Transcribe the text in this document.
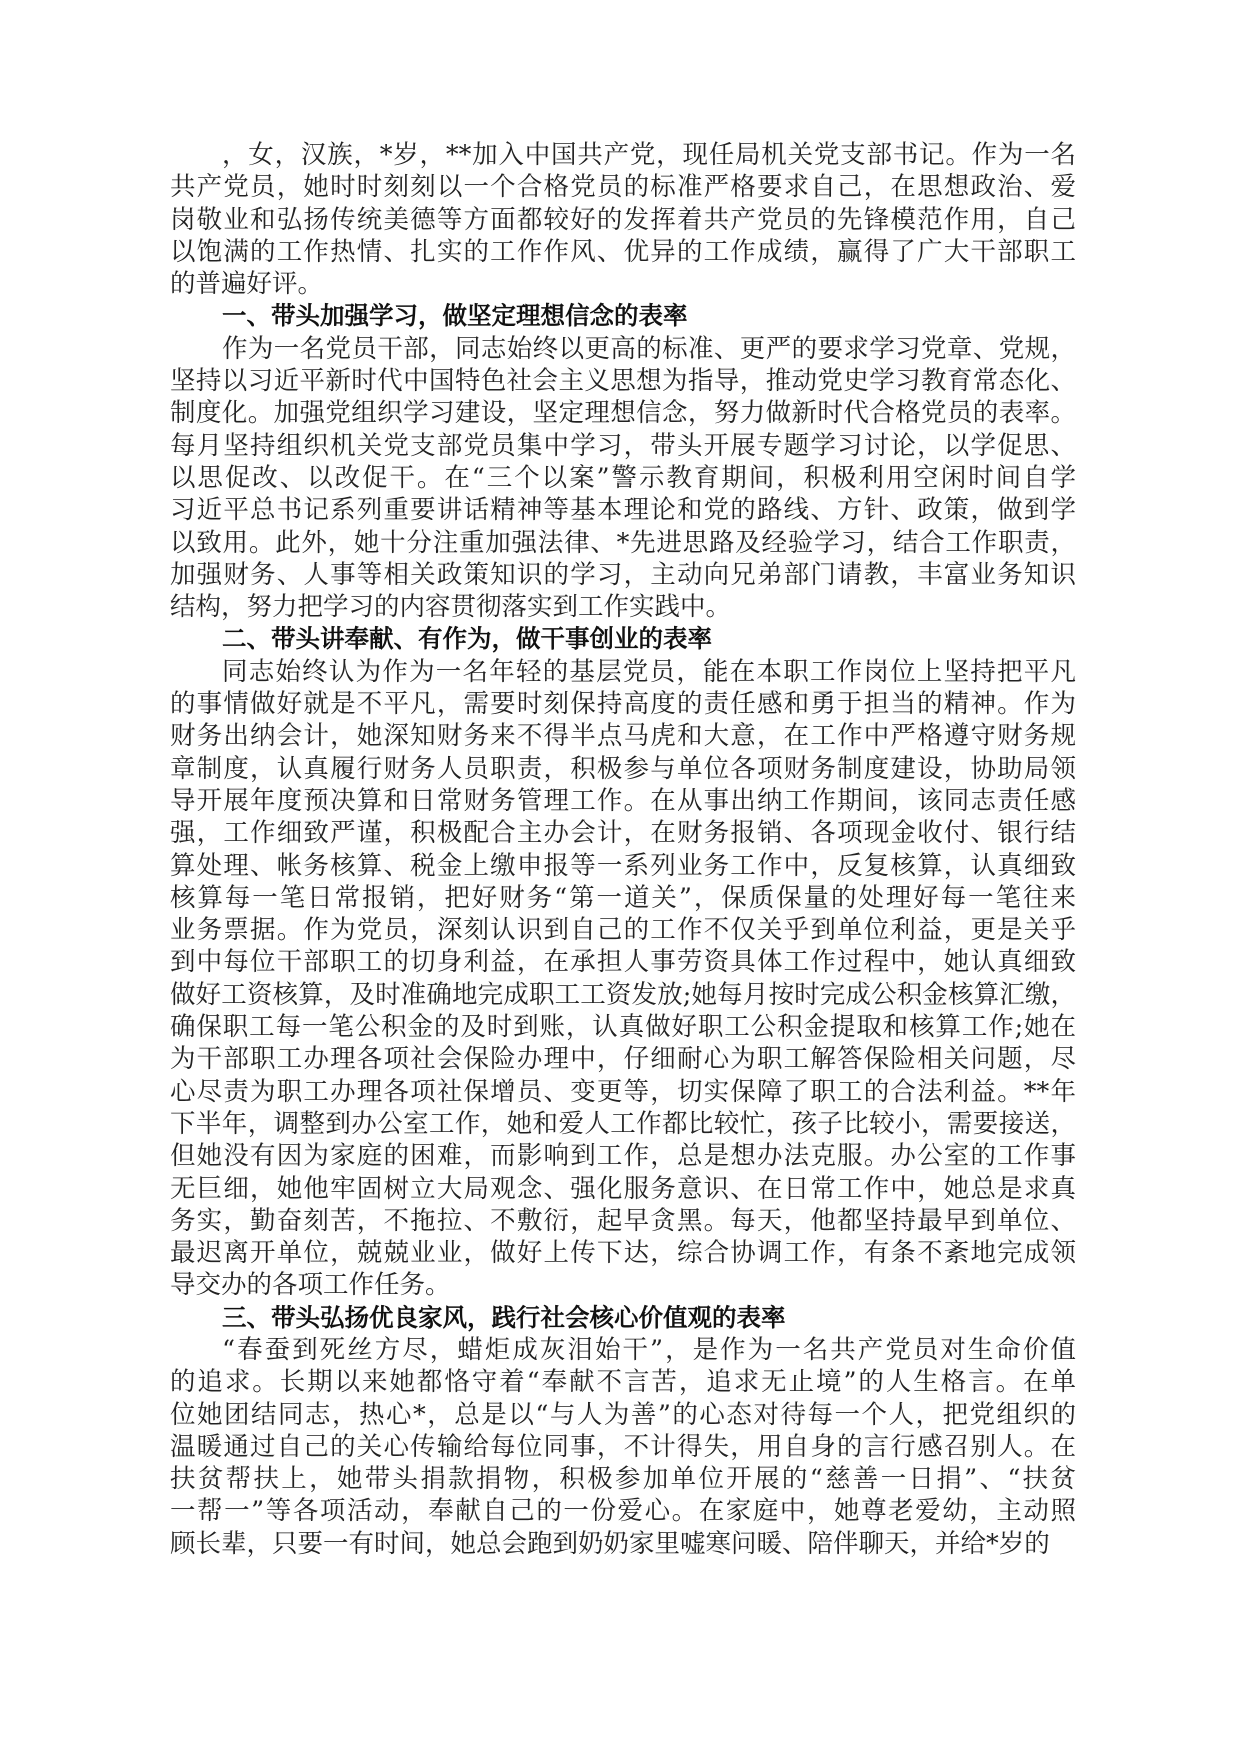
，女，汉族，*岁，**加入中国共产党，现任局机关党支部书记。作为一名
共产党员，她时时刻刻以一个合格党员的标准严格要求自己，在思想政治、爱
岗敬业和弘扬传统美德等方面都较好的发挥着共产党员的先锋模范作用，自己
以饱满的工作热情、扎实的工作作风、优异的工作成绩，赢得了广大干部职工
的普遍好评。
一、带头加强学习，做坚定理想信念的表率
作为一名党员干部，同志始终以更高的标准、更严的要求学习党章、党规，
坚持以习近平新时代中国特色社会主义思想为指导，推动党史学习教育常态化、
制度化。加强党组织学习建设，坚定理想信念，努力做新时代合格党员的表率。
每月坚持组织机关党支部党员集中学习，带头开展专题学习讨论，以学促思、
以思促改、以改促干。在“三个以案”警示教育期间，积极利用空闲时间自学
习近平总书记系列重要讲话精神等基本理论和党的路线、方针、政策，做到学
以致用。此外，她十分注重加强法律、*先进思路及经验学习，结合工作职责，
加强财务、人事等相关政策知识的学习，主动向兄弟部门请教，丰富业务知识
结构，努力把学习的内容贯彻落实到工作实践中。
二、带头讲奉献、有作为，做干事创业的表率
同志始终认为作为一名年轻的基层党员，能在本职工作岗位上坚持把平凡
的事情做好就是不平凡，需要时刻保持高度的责任感和勇于担当的精神。作为
财务出纳会计，她深知财务来不得半点马虎和大意，在工作中严格遵守财务规
章制度，认真履行财务人员职责，积极参与单位各项财务制度建设，协助局领
导开展年度预决算和日常财务管理工作。在从事出纳工作期间，该同志责任感
强，工作细致严谨，积极配合主办会计，在财务报销、各项现金收付、银行结
算处理、帐务核算、税金上缴申报等一系列业务工作中，反复核算，认真细致
核算每一笔日常报销，把好财务“第一道关”，保质保量的处理好每一笔往来
业务票据。作为党员，深刻认识到自己的工作不仅关乎到单位利益，更是关乎
到中每位干部职工的切身利益，在承担人事劳资具体工作过程中，她认真细致
做好工资核算，及时准确地完成职工工资发放;她每月按时完成公积金核算汇缴，
确保职工每一笔公积金的及时到账，认真做好职工公积金提取和核算工作;她在
为干部职工办理各项社会保险办理中，仔细耐心为职工解答保险相关问题，尽
心尽责为职工办理各项社保增员、变更等，切实保障了职工的合法利益。**年
下半年，调整到办公室工作，她和爱人工作都比较忙，孩子比较小，需要接送，
但她没有因为家庭的困难，而影响到工作，总是想办法克服。办公室的工作事
无巨细，她他牢固树立大局观念、强化服务意识、在日常工作中，她总是求真
务实，勤奋刻苦，不拖拉、不敷衍，起早贪黑。每天，他都坚持最早到单位、
最迟离开单位，兢兢业业，做好上传下达，综合协调工作，有条不紊地完成领
导交办的各项工作任务。
三、带头弘扬优良家风，践行社会核心价值观的表率
“春蚕到死丝方尽，蜡炬成灰泪始干”，是作为一名共产党员对生命价值
的追求。长期以来她都恪守着“奉献不言苦，追求无止境”的人生格言。在单
位她团结同志，热心*，总是以“与人为善”的心态对待每一个人，把党组织的
温暖通过自己的关心传输给每位同事，不计得失，用自身的言行感召别人。在
扶贫帮扶上，她带头捐款捐物，积极参加单位开展的“慈善一日捐”、“扶贫
一帮一”等各项活动，奉献自己的一份爱心。在家庭中，她尊老爱幼，主动照
顾长辈，只要一有时间，她总会跑到奶奶家里嘘寒问暖、陪伴聊天，并给*岁的
